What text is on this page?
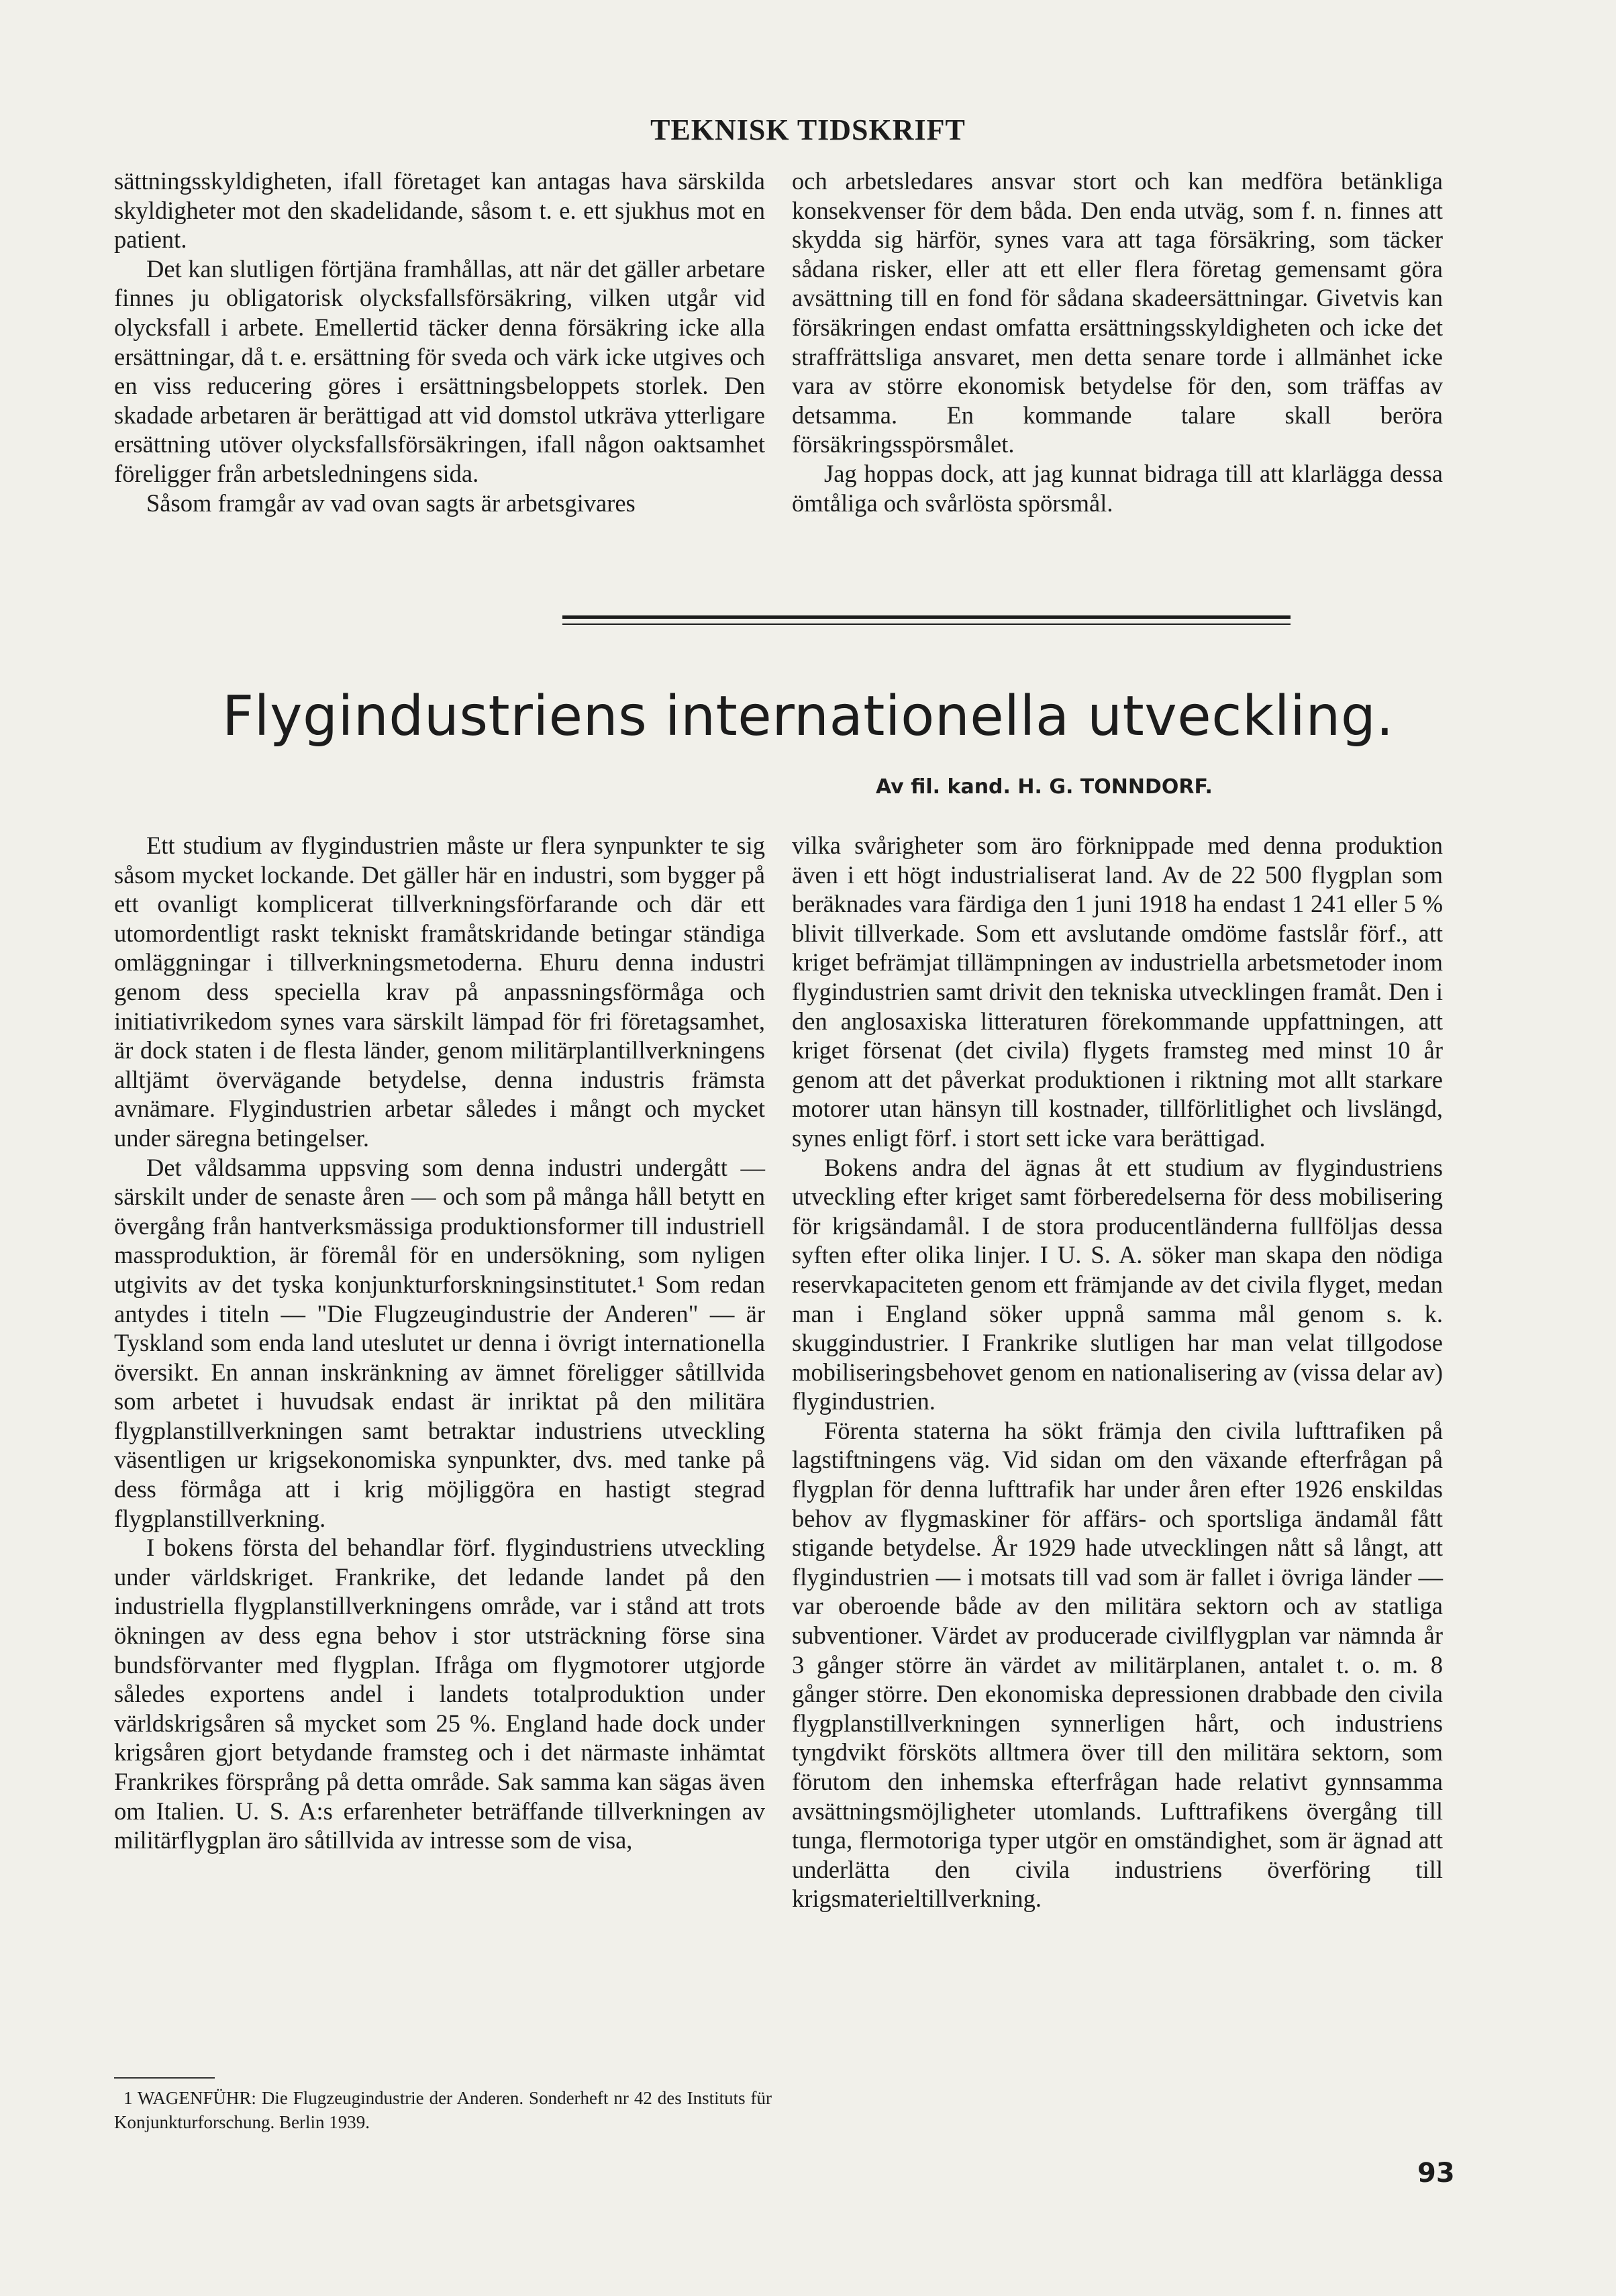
TEKNISK TIDSKRIFT

sättningsskyldigheten, ifall företaget kan antagas hava särskilda skyldigheter mot den skadelidande, såsom t. e. ett sjukhus mot en patient.

Det kan slutligen förtjäna framhållas, att när det gäller arbetare finnes ju obligatorisk olycksfallsförsäkring, vilken utgår vid olycksfall i arbete. Emellertid täcker denna försäkring icke alla ersättningar, då t. e. ersättning för sveda och värk icke utgives och en viss reducering göres i ersättningsbeloppets storlek. Den skadade arbetaren är berättigad att vid domstol utkräva ytterligare ersättning utöver olycksfallsförsäkringen, ifall någon oaktsamhet föreligger från arbetsledningens sida.

Såsom framgår av vad ovan sagts är arbetsgivares

och arbetsledares ansvar stort och kan medföra betänkliga konsekvenser för dem båda. Den enda utväg, som f. n. finnes att skydda sig härför, synes vara att taga försäkring, som täcker sådana risker, eller att ett eller flera företag gemensamt göra avsättning till en fond för sådana skadeersättningar. Givetvis kan försäkringen endast omfatta ersättningsskyldigheten och icke det straffrättsliga ansvaret, men detta senare torde i allmänhet icke vara av större ekonomisk betydelse för den, som träffas av detsamma. En kommande talare skall beröra försäkringsspörsmålet.

Jag hoppas dock, att jag kunnat bidraga till att klarlägga dessa ömtåliga och svårlösta spörsmål.

Flygindustriens internationella utveckling.
Av fil. kand. H. G. TONNDORF.

Ett studium av flygindustrien måste ur flera synpunkter te sig såsom mycket lockande. Det gäller här en industri, som bygger på ett ovanligt komplicerat tillverkningsförfarande och där ett utomordentligt raskt tekniskt framåtskridande betingar ständiga omläggningar i tillverkningsmetoderna. Ehuru denna industri genom dess speciella krav på anpassningsförmåga och initiativrikedom synes vara särskilt lämpad för fri företagsamhet, är dock staten i de flesta länder, genom militärplantillverkningens alltjämt övervägande betydelse, denna industris främsta avnämare. Flygindustrien arbetar således i mångt och mycket under säregna betingelser.

Det våldsamma uppsving som denna industri undergått — särskilt under de senaste åren — och som på många håll betytt en övergång från hantverksmässiga produktionsformer till industriell massproduktion, är föremål för en undersökning, som nyligen utgivits av det tyska konjunkturforskningsinstitutet.¹ Som redan antydes i titeln — "Die Flugzeugindustrie der Anderen" — är Tyskland som enda land uteslutet ur denna i övrigt internationella översikt. En annan inskränkning av ämnet föreligger såtillvida som arbetet i huvudsak endast är inriktat på den militära flygplanstillverkningen samt betraktar industriens utveckling väsentligen ur krigsekonomiska synpunkter, dvs. med tanke på dess förmåga att i krig möjliggöra en hastigt stegrad flygplanstillverkning.

I bokens första del behandlar förf. flygindustriens utveckling under världskriget. Frankrike, det ledande landet på den industriella flygplanstillverkningens område, var i stånd att trots ökningen av dess egna behov i stor utsträckning förse sina bundsförvanter med flygplan. Ifråga om flygmotorer utgjorde således exportens andel i landets totalproduktion under världskrigsåren så mycket som 25 %. England hade dock under krigsåren gjort betydande framsteg och i det närmaste inhämtat Frankrikes försprång på detta område. Sak samma kan sägas även om Italien. U. S. A:s erfarenheter beträffande tillverkningen av militärflygplan äro såtillvida av intresse som de visa,

vilka svårigheter som äro förknippade med denna produktion även i ett högt industrialiserat land. Av de 22 500 flygplan som beräknades vara färdiga den 1 juni 1918 ha endast 1 241 eller 5 % blivit tillverkade. Som ett avslutande omdöme fastslår förf., att kriget befrämjat tillämpningen av industriella arbetsmetoder inom flygindustrien samt drivit den tekniska utvecklingen framåt. Den i den anglosaxiska litteraturen förekommande uppfattningen, att kriget försenat (det civila) flygets framsteg med minst 10 år genom att det påverkat produktionen i riktning mot allt starkare motorer utan hänsyn till kostnader, tillförlitlighet och livslängd, synes enligt förf. i stort sett icke vara berättigad.

Bokens andra del ägnas åt ett studium av flygindustriens utveckling efter kriget samt förberedelserna för dess mobilisering för krigsändamål. I de stora producentländerna fullföljas dessa syften efter olika linjer. I U. S. A. söker man skapa den nödiga reservkapaciteten genom ett främjande av det civila flyget, medan man i England söker uppnå samma mål genom s. k. skuggindustrier. I Frankrike slutligen har man velat tillgodose mobiliseringsbehovet genom en nationalisering av (vissa delar av) flygindustrien.

Förenta staterna ha sökt främja den civila lufttrafiken på lagstiftningens väg. Vid sidan om den växande efterfrågan på flygplan för denna lufttrafik har under åren efter 1926 enskildas behov av flygmaskiner för affärs- och sportsliga ändamål fått stigande betydelse. År 1929 hade utvecklingen nått så långt, att flygindustrien — i motsats till vad som är fallet i övriga länder — var oberoende både av den militära sektorn och av statliga subventioner. Värdet av producerade civilflygplan var nämnda år 3 gånger större än värdet av militärplanen, antalet t. o. m. 8 gånger större. Den ekonomiska depressionen drabbade den civila flygplanstillverkningen synnerligen hårt, och industriens tyngdvikt försköts alltmera över till den militära sektorn, som förutom den inhemska efterfrågan hade relativt gynnsamma avsättningsmöjligheter utomlands. Lufttrafikens övergång till tunga, flermotoriga typer utgör en omständighet, som är ägnad att underlätta den civila industriens överföring till krigsmaterieltillverkning.

1 WAGENFÜHR: Die Flugzeugindustrie der Anderen. Sonderheft nr 42 des Instituts für Konjunkturforschung. Berlin 1939.

93
